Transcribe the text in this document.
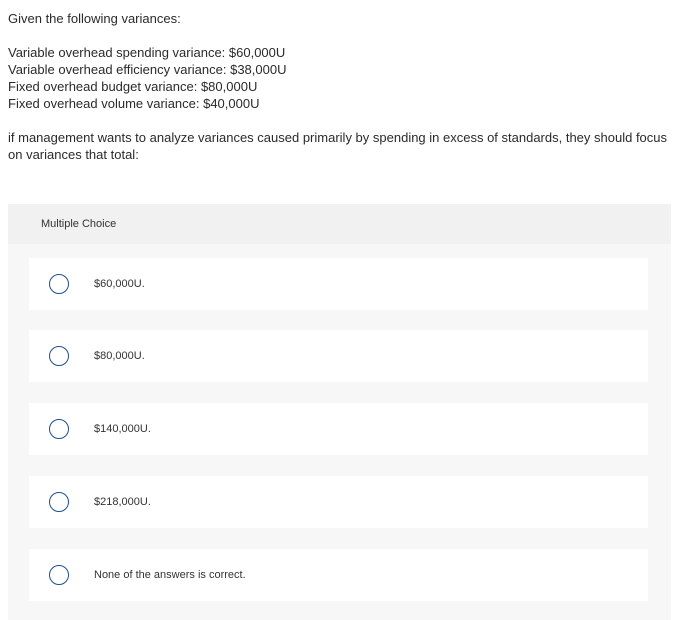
Given the following variances:

Variable overhead spending variance: $60,000U

Variable overhead efficiency variance: $38,000U

Fixed overhead budget variance: $80,000U

Fixed overhead volume variance: $40,000U

if management wants to analyze variances caused primarily by spending in excess of standards, they should focus on variances that total:

Multiple Choice
$60,000U.
$80,000U.
$140,000U.
$218,000U.
None of the answers is correct.
